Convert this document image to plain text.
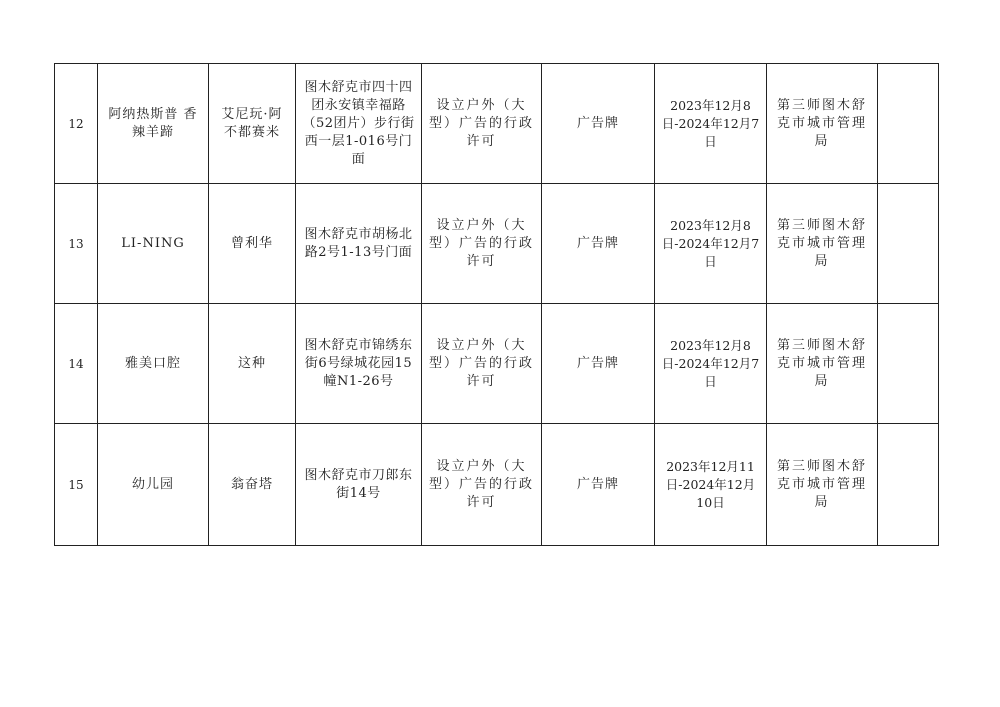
12	阿纳热斯普 香辣羊蹄	艾尼玩·阿不都赛米	图木舒克市四十四团永安镇幸福路（52团片）步行街西一层1-016号门面	设立户外（大型）广告的行政许可	广告牌	2023年12月8日-2024年12月7日	第三师图木舒克市城市管理局	

13	LI-NING	曾利华	图木舒克市胡杨北路2号1-13号门面	设立户外（大型）广告的行政许可	广告牌	2023年12月8日-2024年12月7日	第三师图木舒克市城市管理局	

14	雅美口腔	这种	图木舒克市锦绣东街6号绿城花园15幢N1-26号	设立户外（大型）广告的行政许可	广告牌	2023年12月8日-2024年12月7日	第三师图木舒克市城市管理局	

15	幼儿园	翁奋塔	图木舒克市刀郎东街14号	设立户外（大型）广告的行政许可	广告牌	2023年12月11日-2024年12月10日	第三师图木舒克市城市管理局	
